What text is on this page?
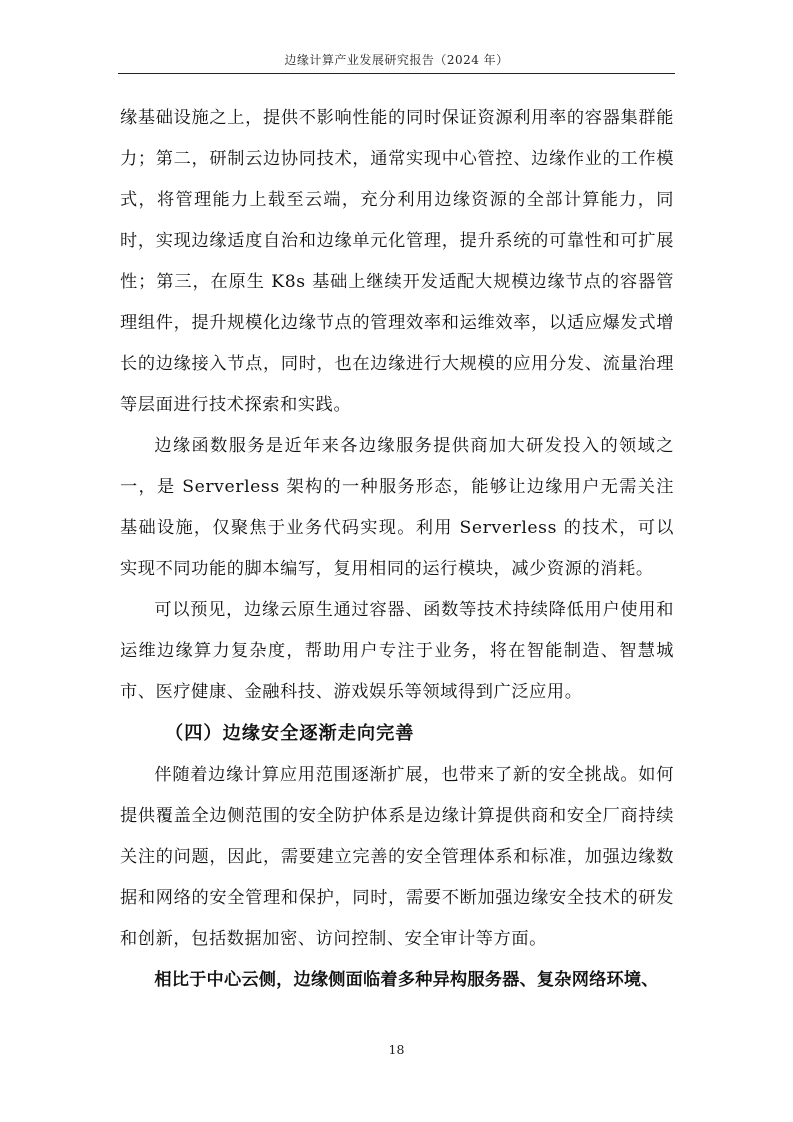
边缘计算产业发展研究报告（2024 年）

缘基础设施之上，提供不影响性能的同时保证资源利用率的容器集群能力；第二，研制云边协同技术，通常实现中心管控、边缘作业的工作模式，将管理能力上载至云端，充分利用边缘资源的全部计算能力，同时，实现边缘适度自治和边缘单元化管理，提升系统的可靠性和可扩展性；第三，在原生 K8s 基础上继续开发适配大规模边缘节点的容器管理组件，提升规模化边缘节点的管理效率和运维效率，以适应爆发式增长的边缘接入节点，同时，也在边缘进行大规模的应用分发、流量治理等层面进行技术探索和实践。

边缘函数服务是近年来各边缘服务提供商加大研发投入的领域之一，是 Serverless 架构的一种服务形态，能够让边缘用户无需关注基础设施，仅聚焦于业务代码实现。利用 Serverless 的技术，可以实现不同功能的脚本编写，复用相同的运行模块，减少资源的消耗。

可以预见，边缘云原生通过容器、函数等技术持续降低用户使用和运维边缘算力复杂度，帮助用户专注于业务，将在智能制造、智慧城市、医疗健康、金融科技、游戏娱乐等领域得到广泛应用。

（四）边缘安全逐渐走向完善

伴随着边缘计算应用范围逐渐扩展，也带来了新的安全挑战。如何提供覆盖全边侧范围的安全防护体系是边缘计算提供商和安全厂商持续关注的问题，因此，需要建立完善的安全管理体系和标准，加强边缘数据和网络的安全管理和保护，同时，需要不断加强边缘安全技术的研发和创新，包括数据加密、访问控制、安全审计等方面。

相比于中心云侧，边缘侧面临着多种异构服务器、复杂网络环境、

18
